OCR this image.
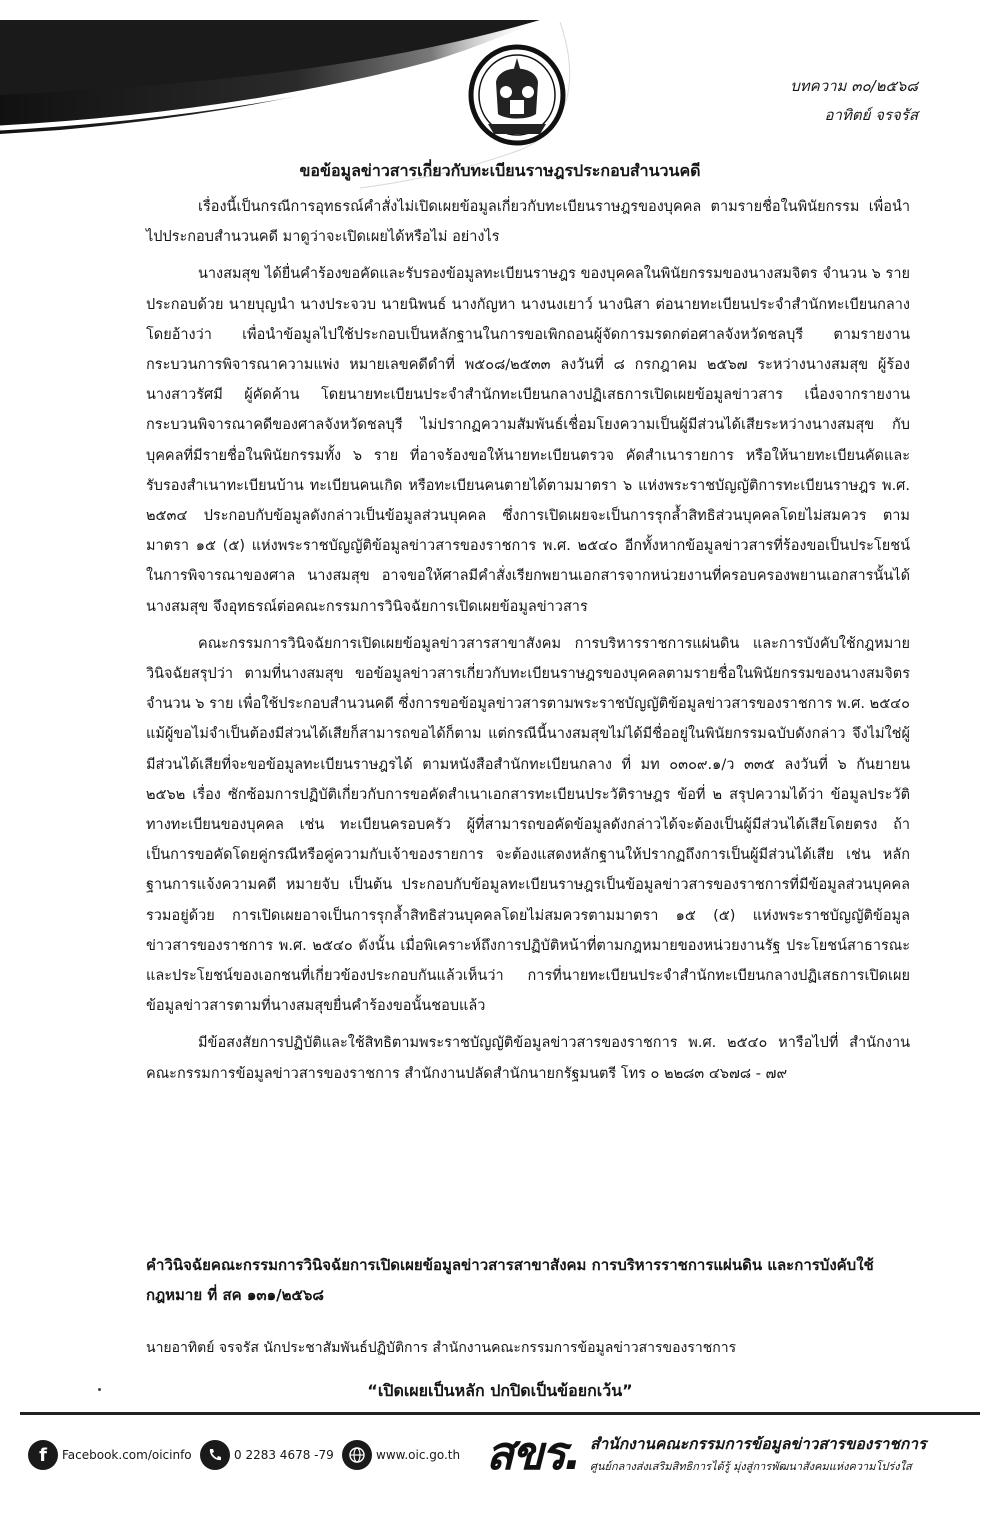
บทความ ๓๐/๒๕๖๘
อาทิตย์ จรจรัส
ขอข้อมูลข่าวสารเกี่ยวกับทะเบียนราษฎรประกอบสำนวนคดี

เรื่องนี้เป็นกรณีการอุทธรณ์คำสั่งไม่เปิดเผยข้อมูลเกี่ยวกับทะเบียนราษฎรของบุคคล ตามรายชื่อในพินัยกรรม เพื่อนำไปประกอบสำนวนคดี มาดูว่าจะเปิดเผยได้หรือไม่ อย่างไร

นางสมสุข ได้ยื่นคำร้องขอคัดและรับรองข้อมูลทะเบียนราษฎร ของบุคคลในพินัยกรรมของนางสมจิตร จำนวน ๖ ราย ประกอบด้วย นายบุญนำ นางประจวบ นายนิพนธ์ นางกัญหา นางนงเยาว์ นางนิสา ต่อนายทะเบียนประจำสำนักทะเบียนกลาง โดยอ้างว่า เพื่อนำข้อมูลไปใช้ประกอบเป็นหลักฐานในการขอเพิกถอนผู้จัดการมรดกต่อศาลจังหวัดชลบุรี ตามรายงานกระบวนการพิจารณาความแพ่ง หมายเลขคดีดำที่ พ๕๐๘/๒๕๓๓ ลงวันที่ ๘ กรกฎาคม ๒๕๖๗ ระหว่างนางสมสุข ผู้ร้อง นางสาวรัศมี ผู้คัดค้าน โดยนายทะเบียนประจำสำนักทะเบียนกลางปฏิเสธการเปิดเผยข้อมูลข่าวสาร เนื่องจากรายงานกระบวนพิจารณาคดีของศาลจังหวัดชลบุรี ไม่ปรากฏความสัมพันธ์เชื่อมโยงความเป็นผู้มีส่วนได้เสียระหว่างนางสมสุข กับบุคคลที่มีรายชื่อในพินัยกรรมทั้ง ๖ ราย ที่อาจร้องขอให้นายทะเบียนตรวจ คัดสำเนารายการ หรือให้นายทะเบียนคัดและรับรองสำเนาทะเบียนบ้าน ทะเบียนคนเกิด หรือทะเบียนคนตายได้ตามมาตรา ๖ แห่งพระราชบัญญัติการทะเบียนราษฎร พ.ศ. ๒๕๓๔ ประกอบกับข้อมูลดังกล่าวเป็นข้อมูลส่วนบุคคล ซึ่งการเปิดเผยจะเป็นการรุกล้ำสิทธิส่วนบุคคลโดยไม่สมควร ตามมาตรา ๑๕ (๕) แห่งพระราชบัญญัติข้อมูลข่าวสารของราชการ พ.ศ. ๒๕๔๐ อีกทั้งหากข้อมูลข่าวสารที่ร้องขอเป็นประโยชน์ในการพิจารณาของศาล นางสมสุข อาจขอให้ศาลมีคำสั่งเรียกพยานเอกสารจากหน่วยงานที่ครอบครองพยานเอกสารนั้นได้ นางสมสุข จึงอุทธรณ์ต่อคณะกรรมการวินิจฉัยการเปิดเผยข้อมูลข่าวสาร

คณะกรรมการวินิจฉัยการเปิดเผยข้อมูลข่าวสารสาขาสังคม การบริหารราชการแผ่นดิน และการบังคับใช้กฎหมายวินิจฉัยสรุปว่า ตามที่นางสมสุข ขอข้อมูลข่าวสารเกี่ยวกับทะเบียนราษฎรของบุคคลตามรายชื่อในพินัยกรรมของนางสมจิตร จำนวน ๖ ราย เพื่อใช้ประกอบสำนวนคดี ซึ่งการขอข้อมูลข่าวสารตามพระราชบัญญัติข้อมูลข่าวสารของราชการ พ.ศ. ๒๕๔๐ แม้ผู้ขอไม่จำเป็นต้องมีส่วนได้เสียก็สามารถขอได้ก็ตาม แต่กรณีนี้นางสมสุขไม่ได้มีชื่ออยู่ในพินัยกรรมฉบับดังกล่าว จึงไม่ใช่ผู้มีส่วนได้เสียที่จะขอข้อมูลทะเบียนราษฎรได้ ตามหนังสือสำนักทะเบียนกลาง ที่ มท ๐๓๐๙.๑/ว ๓๓๕ ลงวันที่ ๖ กันยายน ๒๕๖๒ เรื่อง ซักซ้อมการปฏิบัติเกี่ยวกับการขอคัดสำเนาเอกสารทะเบียนประวัติราษฎร ข้อที่ ๒ สรุปความได้ว่า ข้อมูลประวัติทางทะเบียนของบุคคล เช่น ทะเบียนครอบครัว ผู้ที่สามารถขอคัดข้อมูลดังกล่าวได้จะต้องเป็นผู้มีส่วนได้เสียโดยตรง ถ้าเป็นการขอคัดโดยคู่กรณีหรือคู่ความกับเจ้าของรายการ จะต้องแสดงหลักฐานให้ปรากฏถึงการเป็นผู้มีส่วนได้เสีย เช่น หลักฐานการแจ้งความคดี หมายจับ เป็นต้น ประกอบกับข้อมูลทะเบียนราษฎรเป็นข้อมูลข่าวสารของราชการที่มีข้อมูลส่วนบุคคลรวมอยู่ด้วย การเปิดเผยอาจเป็นการรุกล้ำสิทธิส่วนบุคคลโดยไม่สมควรตามมาตรา ๑๕ (๕) แห่งพระราชบัญญัติข้อมูลข่าวสารของราชการ พ.ศ. ๒๕๔๐ ดังนั้น เมื่อพิเคราะห์ถึงการปฏิบัติหน้าที่ตามกฎหมายของหน่วยงานรัฐ ประโยชน์สาธารณะ และประโยชน์ของเอกชนที่เกี่ยวข้องประกอบกันแล้วเห็นว่า การที่นายทะเบียนประจำสำนักทะเบียนกลางปฏิเสธการเปิดเผยข้อมูลข่าวสารตามที่นางสมสุขยื่นคำร้องขอนั้นชอบแล้ว

มีข้อสงสัยการปฏิบัติและใช้สิทธิตามพระราชบัญญัติข้อมูลข่าวสารของราชการ พ.ศ. ๒๕๔๐ หารือไปที่ สำนักงานคณะกรรมการข้อมูลข่าวสารของราชการ สำนักงานปลัดสำนักนายกรัฐมนตรี โทร ๐ ๒๒๘๓ ๔๖๗๘ - ๗๙

คำวินิจฉัยคณะกรรมการวินิจฉัยการเปิดเผยข้อมูลข่าวสารสาขาสังคม การบริหารราชการแผ่นดิน และการบังคับใช้กฎหมาย ที่ สค ๑๓๑/๒๕๖๘
นายอาทิตย์ จรจรัส นักประชาสัมพันธ์ปฏิบัติการ สำนักงานคณะกรรมการข้อมูลข่าวสารของราชการ
“เปิดเผยเป็นหลัก ปกปิดเป็นข้อยกเว้น”
f	Facebook.com/oicinfo	0 2283 4678 -79	www.oic.go.th สขร. สำนักงานคณะกรรมการข้อมูลข่าวสารของราชการ
ศูนย์กลางส่งเสริมสิทธิการได้รู้ มุ่งสู่การพัฒนาสังคมแห่งความโปร่งใส
